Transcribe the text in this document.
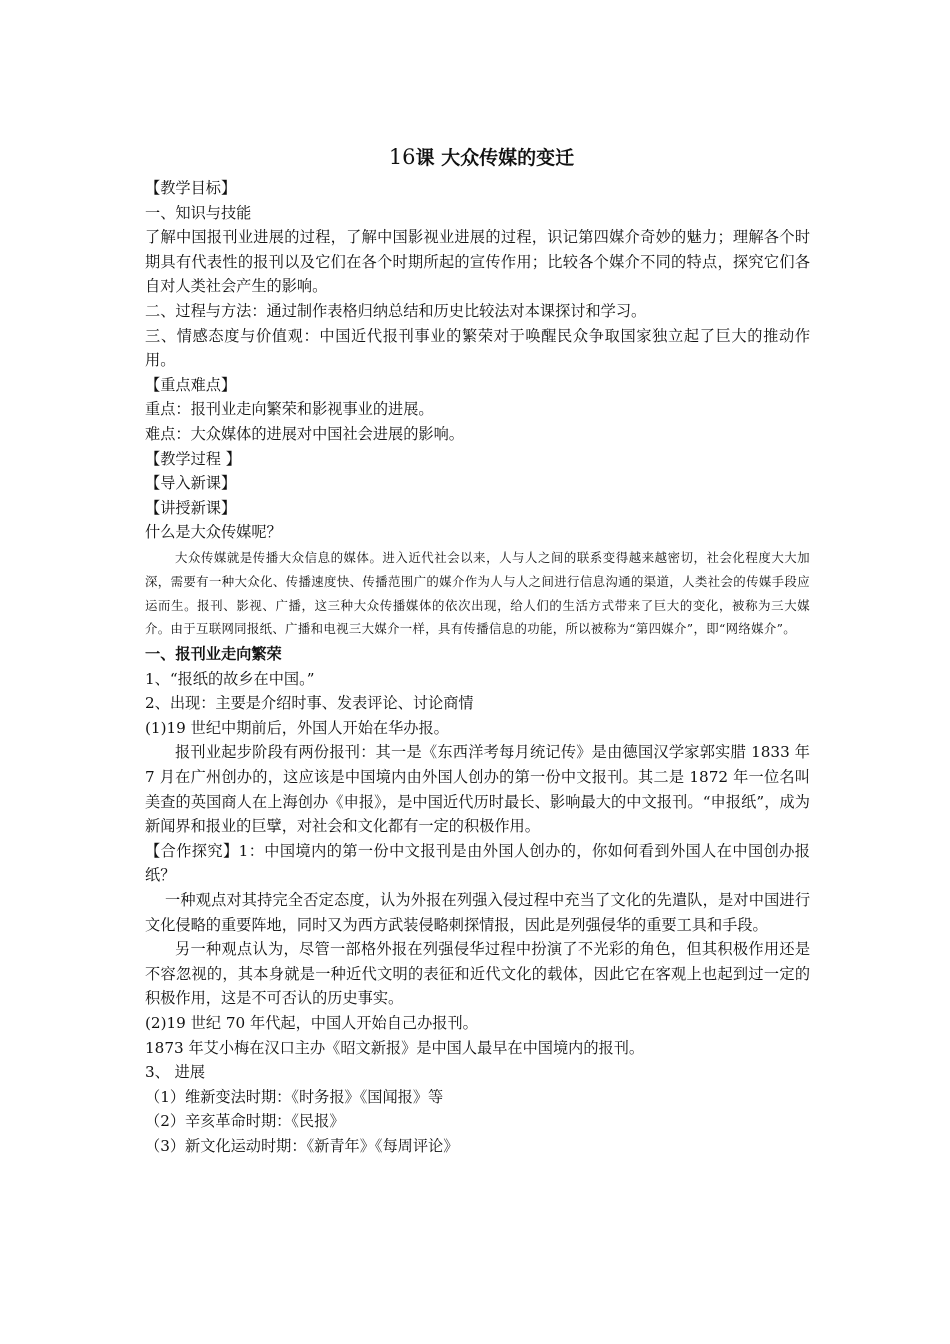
16课 大众传媒的变迁

【教学目标】

一、知识与技能

了解中国报刊业进展的过程，了解中国影视业进展的过程，识记第四媒介奇妙的魅力；理解各个时期具有代表性的报刊以及它们在各个时期所起的宣传作用；比较各个媒介不同的特点，探究它们各自对人类社会产生的影响。

二、过程与方法：通过制作表格归纳总结和历史比较法对本课探讨和学习。

三、情感态度与价值观：中国近代报刊事业的繁荣对于唤醒民众争取国家独立起了巨大的推动作用。

【重点难点】

重点：报刊业走向繁荣和影视事业的进展。

难点：大众媒体的进展对中国社会进展的影响。

【教学过程 】

【导入新课】

【讲授新课】

什么是大众传媒呢？

大众传媒就是传播大众信息的媒体。进入近代社会以来，人与人之间的联系变得越来越密切，社会化程度大大加深，需要有一种大众化、传播速度快、传播范围广的媒介作为人与人之间进行信息沟通的渠道，人类社会的传媒手段应运而生。报刊、影视、广播，这三种大众传播媒体的依次出现，给人们的生活方式带来了巨大的变化，被称为三大媒介。由于互联网同报纸、广播和电视三大媒介一样，具有传播信息的功能，所以被称为“第四媒介”，即“网络媒介”。

一、报刊业走向繁荣

1、“报纸的故乡在中国。”

2、出现：主要是介绍时事、发表评论、讨论商情

(1)19 世纪中期前后，外国人开始在华办报。

报刊业起步阶段有两份报刊：其一是《东西洋考每月统记传》是由德国汉学家郭实腊 1833 年 7 月在广州创办的，这应该是中国境内由外国人创办的第一份中文报刊。其二是 1872 年一位名叫美查的英国商人在上海创办《申报》，是中国近代历时最长、影响最大的中文报刊。“申报纸”，成为新闻界和报业的巨擘，对社会和文化都有一定的积极作用。

【合作探究】1：中国境内的第一份中文报刊是由外国人创办的，你如何看到外国人在中国创办报纸？

一种观点对其持完全否定态度，认为外报在列强入侵过程中充当了文化的先遣队，是对中国进行文化侵略的重要阵地，同时又为西方武装侵略刺探情报，因此是列强侵华的重要工具和手段。

另一种观点认为，尽管一部格外报在列强侵华过程中扮演了不光彩的角色，但其积极作用还是不容忽视的，其本身就是一种近代文明的表征和近代文化的载体，因此它在客观上也起到过一定的积极作用，这是不可否认的历史事实。

(2)19 世纪 70 年代起，中国人开始自己办报刊。

1873 年艾小梅在汉口主办《昭文新报》是中国人最早在中国境内的报刊。

3、 进展

（1）维新变法时期：《时务报》《国闻报》等

（2）辛亥革命时期：《民报》

（3）新文化运动时期：《新青年》《每周评论》
